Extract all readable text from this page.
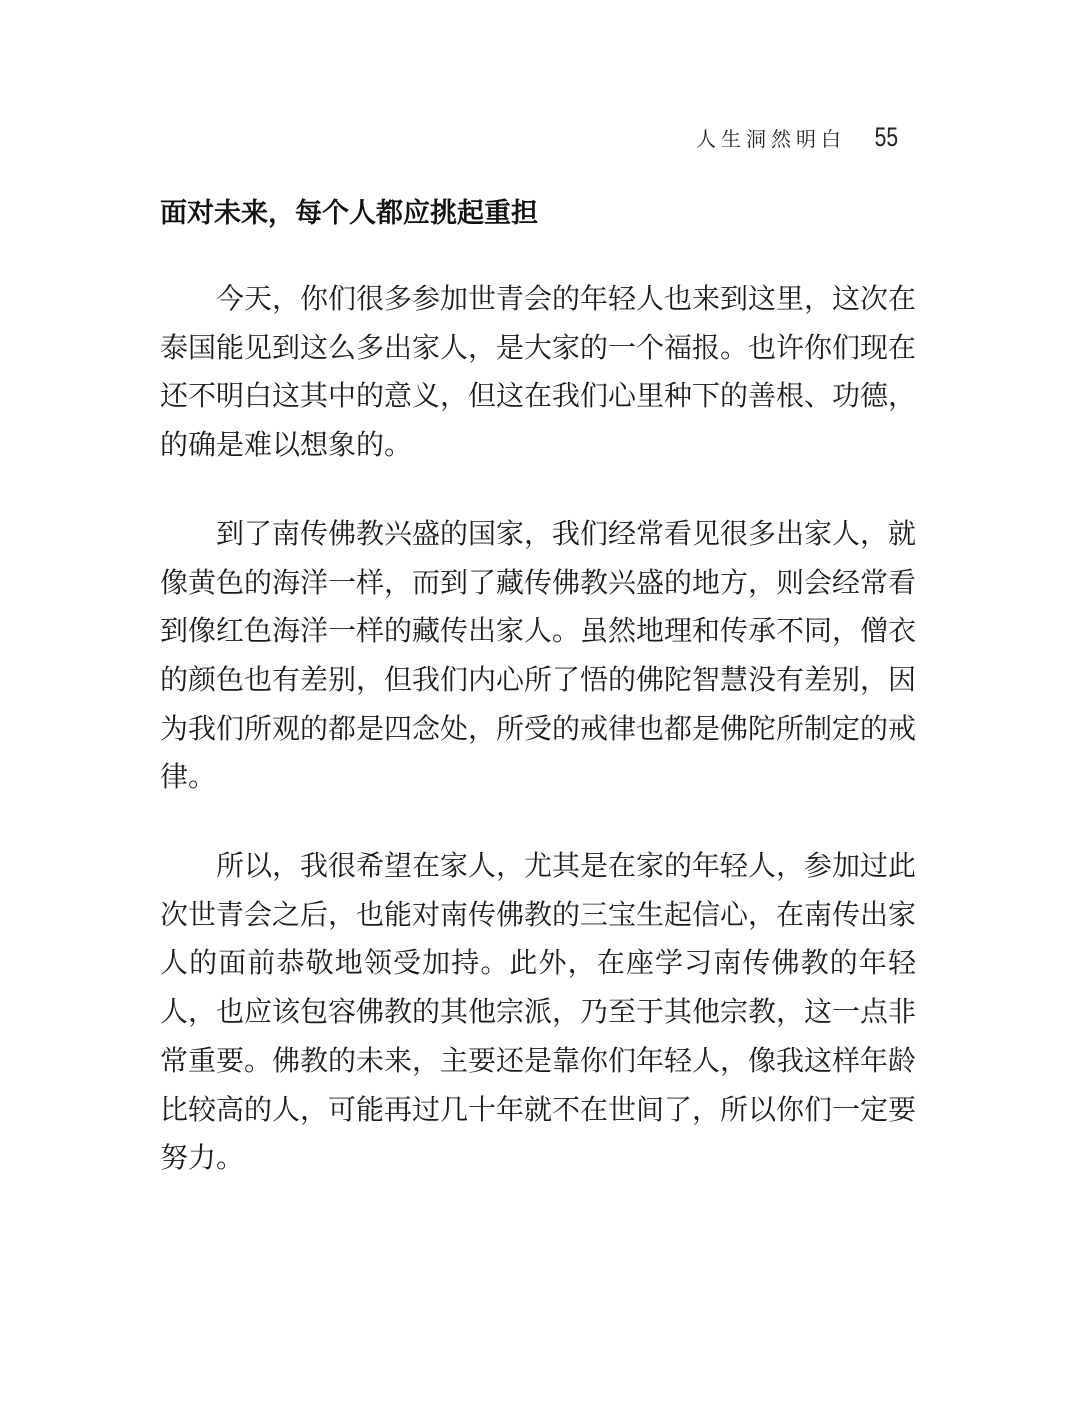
人生洞然明白 55
面对未来，每个人都应挑起重担

今天，你们很多参加世青会的年轻人也来到这里，这次在泰国能见到这么多出家人，是大家的一个福报。也许你们现在还不明白这其中的意义，但这在我们心里种下的善根、功德，的确是难以想象的。

到了南传佛教兴盛的国家，我们经常看见很多出家人，就像黄色的海洋一样，而到了藏传佛教兴盛的地方，则会经常看到像红色海洋一样的藏传出家人。虽然地理和传承不同，僧衣的颜色也有差别，但我们内心所了悟的佛陀智慧没有差别，因为我们所观的都是四念处，所受的戒律也都是佛陀所制定的戒律。

所以，我很希望在家人，尤其是在家的年轻人，参加过此次世青会之后，也能对南传佛教的三宝生起信心，在南传出家人的面前恭敬地领受加持。此外，在座学习南传佛教的年轻人，也应该包容佛教的其他宗派，乃至于其他宗教，这一点非常重要。佛教的未来，主要还是靠你们年轻人，像我这样年龄比较高的人，可能再过几十年就不在世间了，所以你们一定要努力。
